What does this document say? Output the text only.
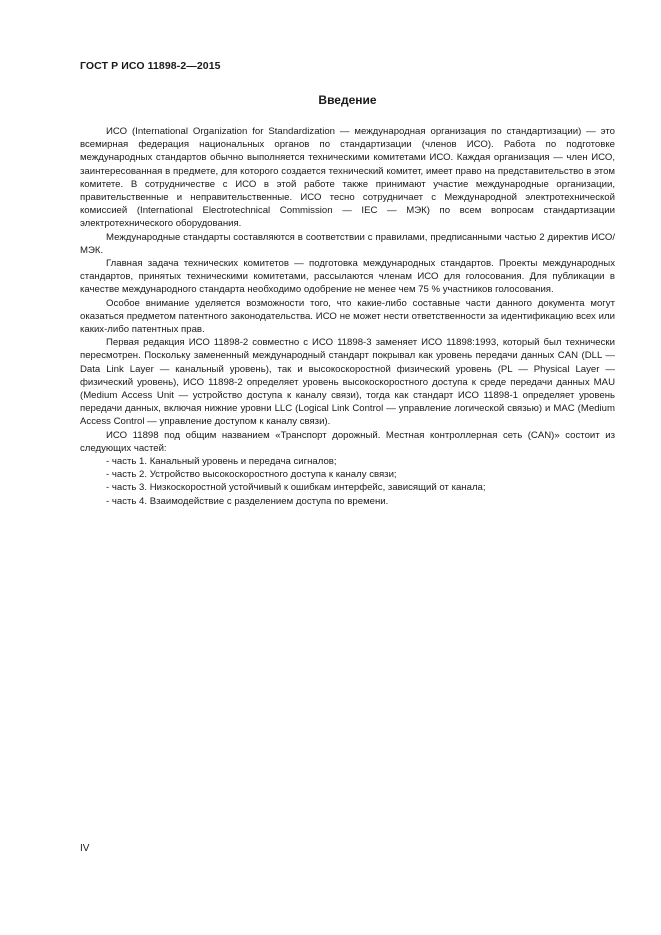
ГОСТ Р ИСО 11898-2—2015
Введение

ИСО (International Organization for Standardization — международная организация по стандартизации) — это всемирная федерация национальных органов по стандартизации (членов ИСО). Работа по подготовке международных стандартов обычно выполняется техническими комитетами ИСО. Каждая организация — член ИСО, заинтересованная в предмете, для которого создается технический комитет, имеет право на представительство в этом комитете. В сотрудничестве с ИСО в этой работе также принимают участие международные организации, правительственные и неправительственные. ИСО тесно сотрудничает с Международной электротехнической комиссией (International Electrotechnical Commission — IEC — МЭК) по всем вопросам стандартизации электротехнического оборудования.

Международные стандарты составляются в соответствии с правилами, предписанными частью 2 директив ИСО/МЭК.

Главная задача технических комитетов — подготовка международных стандартов. Проекты международных стандартов, принятых техническими комитетами, рассылаются членам ИСО для голосования. Для публикации в качестве международного стандарта необходимо одобрение не менее чем 75 % участников голосования.

Особое внимание уделяется возможности того, что какие-либо составные части данного документа могут оказаться предметом патентного законодательства. ИСО не может нести ответственности за идентификацию всех или каких-либо патентных прав.

Первая редакция ИСО 11898-2 совместно с ИСО 11898-3 заменяет ИСО 11898:1993, который был технически пересмотрен. Поскольку замененный международный стандарт покрывал как уровень передачи данных CAN (DLL — Data Link Layer — канальный уровень), так и высокоскоростной физический уровень (PL — Physical Layer — физический уровень), ИСО 11898-2 определяет уровень высокоскоростного доступа к среде передачи данных MAU (Medium Access Unit — устройство доступа к каналу связи), тогда как стандарт ИСО 11898-1 определяет уровень передачи данных, включая нижние уровни LLC (Logical Link Control — управление логической связью) и MAC (Medium Access Control — управление доступом к каналу связи).

ИСО 11898 под общим названием «Транспорт дорожный. Местная контроллерная сеть (CAN)» состоит из следующих частей:

- часть 1. Канальный уровень и передача сигналов;
- часть 2. Устройство высокоскоростного доступа к каналу связи;
- часть 3. Низкоскоростной устойчивый к ошибкам интерфейс, зависящий от канала;
- часть 4. Взаимодействие с разделением доступа по времени.
IV
